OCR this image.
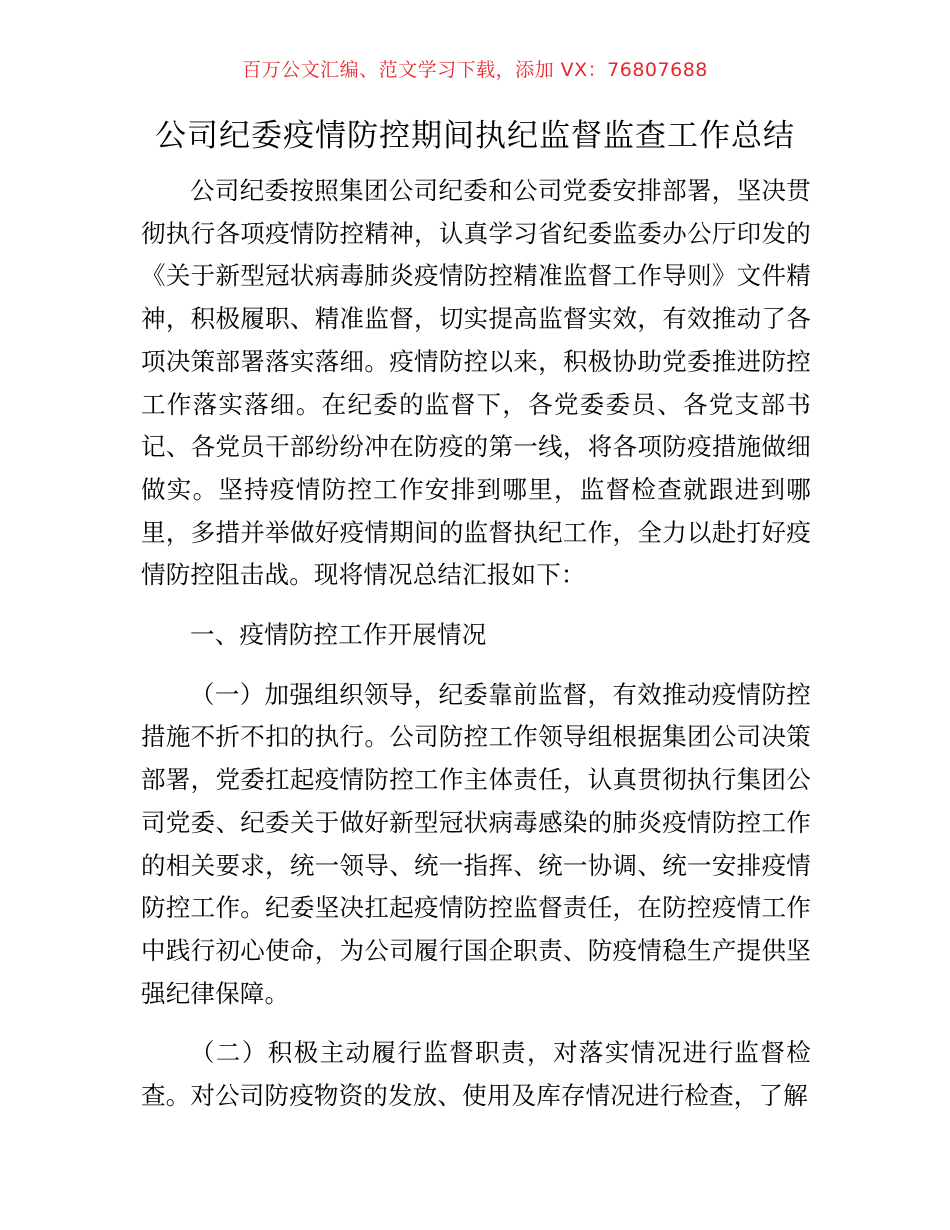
百万公文汇编、范文学习下载，添加 VX：76807688
公司纪委疫情防控期间执纪监督监查工作总结

公司纪委按照集团公司纪委和公司党委安排部署，坚决贯彻执行各项疫情防控精神，认真学习省纪委监委办公厅印发的《关于新型冠状病毒肺炎疫情防控精准监督工作导则》文件精神，积极履职、精准监督，切实提高监督实效，有效推动了各项决策部署落实落细。疫情防控以来，积极协助党委推进防控工作落实落细。在纪委的监督下，各党委委员、各党支部书记、各党员干部纷纷冲在防疫的第一线，将各项防疫措施做细做实。坚持疫情防控工作安排到哪里，监督检查就跟进到哪里，多措并举做好疫情期间的监督执纪工作，全力以赴打好疫情防控阻击战。现将情况总结汇报如下：

一、疫情防控工作开展情况

（一）加强组织领导，纪委靠前监督，有效推动疫情防控措施不折不扣的执行。公司防控工作领导组根据集团公司决策部署，党委扛起疫情防控工作主体责任，认真贯彻执行集团公司党委、纪委关于做好新型冠状病毒感染的肺炎疫情防控工作的相关要求，统一领导、统一指挥、统一协调、统一安排疫情防控工作。纪委坚决扛起疫情防控监督责任，在防控疫情工作中践行初心使命，为公司履行国企职责、防疫情稳生产提供坚强纪律保障。

（二）积极主动履行监督职责，对落实情况进行监督检查。对公司防疫物资的发放、使用及库存情况进行检查，了解
